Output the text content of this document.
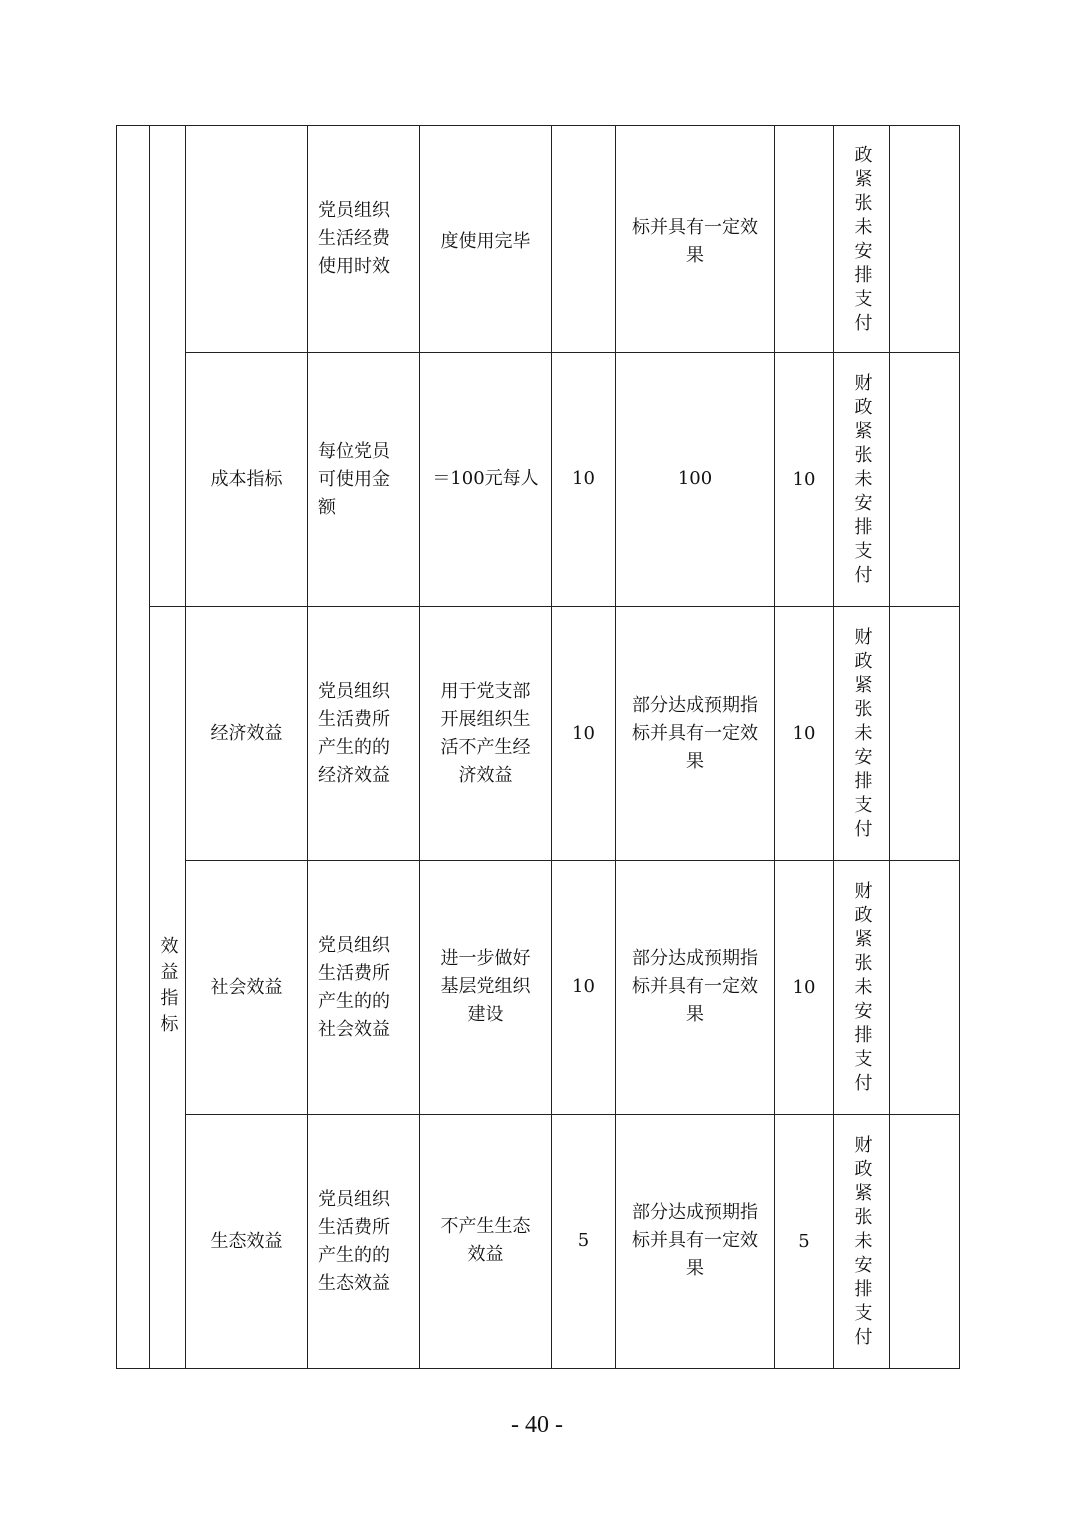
			党员组织
生活经费
使用时效	度使用完毕		标并具有一定效
果		政紧张未安排支付	

		成本指标	每位党员
可使用金
额	＝100元每人	10	100	10	财政紧张未安排支付	

	效益指标	经济效益	党员组织
生活费所
产生的的
经济效益	用于党支部
开展组织生
活不产生经
济效益	10	部分达成预期指
标并具有一定效
果	10	财政紧张未安排支付	

		社会效益	党员组织
生活费所
产生的的
社会效益	进一步做好
基层党组织
建设	10	部分达成预期指
标并具有一定效
果	10	财政紧张未安排支付	

		生态效益	党员组织
生活费所
产生的的
生态效益	不产生生态
效益	5	部分达成预期指
标并具有一定效
果	5	财政紧张未安排支付	

- 40 -
